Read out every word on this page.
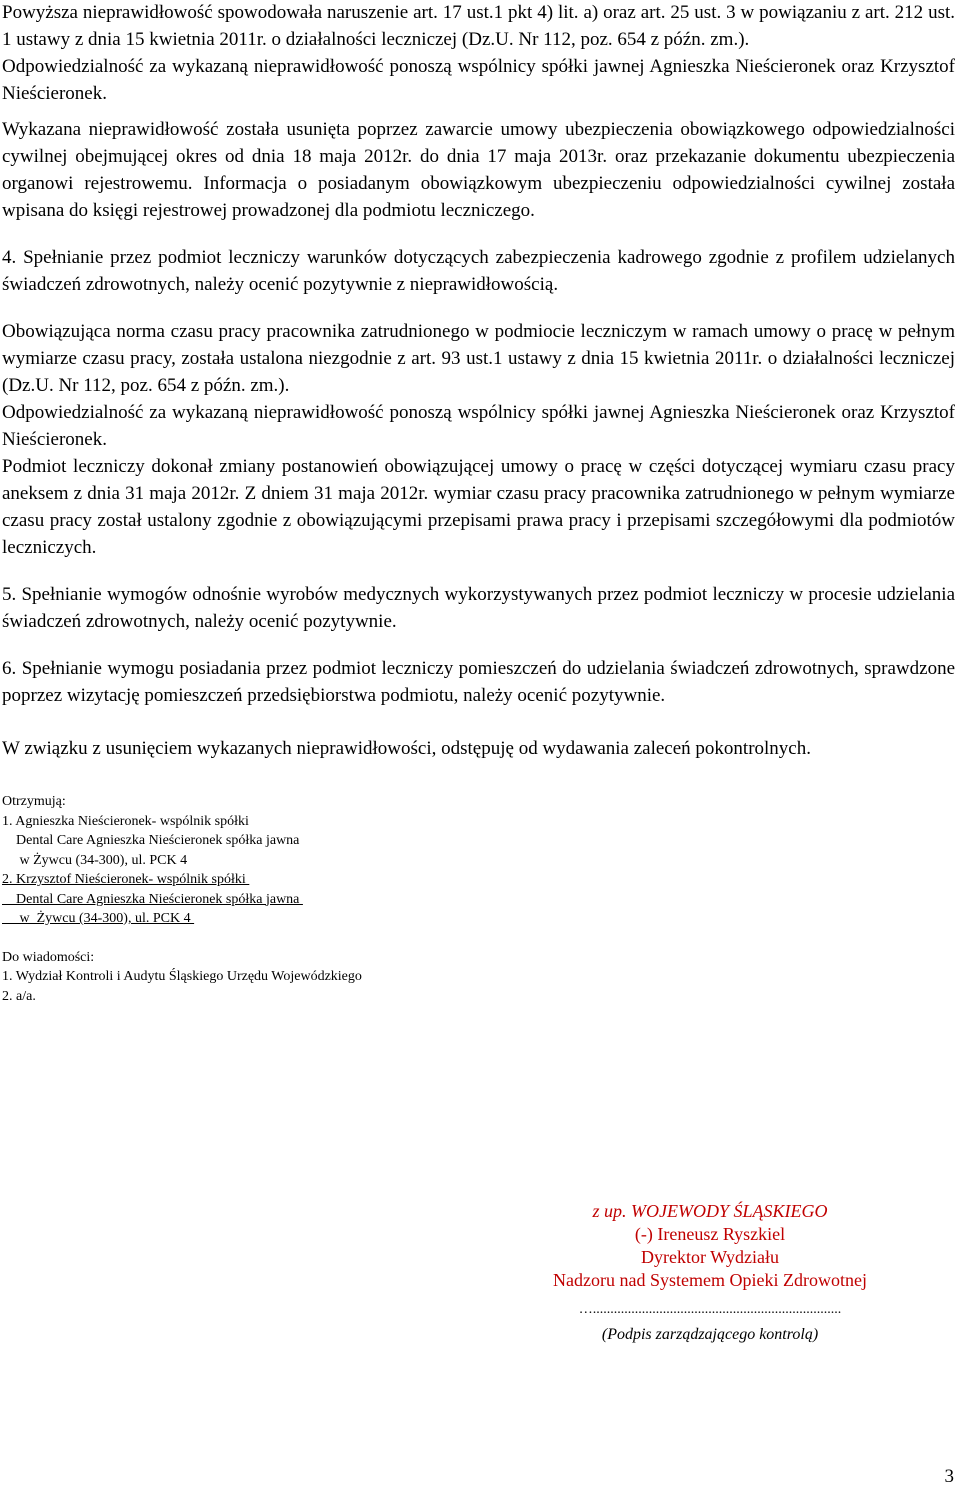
Powyższa nieprawidłowość spowodowała naruszenie art. 17 ust.1 pkt 4) lit. a) oraz art. 25 ust. 3 w powiązaniu z art. 212 ust. 1 ustawy z dnia 15 kwietnia 2011r. o działalności leczniczej (Dz.U. Nr 112, poz. 654 z późn. zm.).

Odpowiedzialność za wykazaną nieprawidłowość ponoszą wspólnicy spółki jawnej Agnieszka Nieścieronek oraz Krzysztof Nieścieronek.

Wykazana nieprawidłowość została usunięta poprzez zawarcie umowy ubezpieczenia obowiązkowego odpowiedzialności cywilnej obejmującej okres od dnia 18 maja 2012r. do dnia 17 maja 2013r. oraz przekazanie dokumentu ubezpieczenia organowi rejestrowemu. Informacja o posiadanym obowiązkowym ubezpieczeniu odpowiedzialności cywilnej została wpisana do księgi rejestrowej prowadzonej dla podmiotu leczniczego.

4. Spełnianie przez podmiot leczniczy warunków dotyczących zabezpieczenia kadrowego zgodnie z profilem udzielanych świadczeń zdrowotnych, należy ocenić pozytywnie z nieprawidłowością.

Obowiązująca norma czasu pracy pracownika zatrudnionego w podmiocie leczniczym w ramach umowy o pracę w pełnym wymiarze czasu pracy, została ustalona niezgodnie z art. 93 ust.1 ustawy z dnia 15 kwietnia 2011r. o działalności leczniczej (Dz.U. Nr 112, poz. 654 z późn. zm.).

Odpowiedzialność za wykazaną nieprawidłowość ponoszą wspólnicy spółki jawnej Agnieszka Nieścieronek oraz Krzysztof Nieścieronek.

Podmiot leczniczy dokonał zmiany postanowień obowiązującej umowy o pracę w części dotyczącej wymiaru czasu pracy aneksem z dnia 31 maja 2012r. Z dniem 31 maja 2012r. wymiar czasu pracy pracownika zatrudnionego w pełnym wymiarze czasu pracy został ustalony zgodnie z obowiązującymi przepisami prawa pracy i przepisami szczegółowymi dla podmiotów leczniczych.

5. Spełnianie wymogów odnośnie wyrobów medycznych wykorzystywanych przez podmiot leczniczy w procesie udzielania świadczeń zdrowotnych, należy ocenić pozytywnie.

6. Spełnianie wymogu posiadania przez podmiot leczniczy pomieszczeń do udzielania świadczeń zdrowotnych, sprawdzone poprzez wizytację pomieszczeń przedsiębiorstwa podmiotu, należy ocenić pozytywnie.

W związku z usunięciem wykazanych nieprawidłowości, odstępuję od wydawania zaleceń pokontrolnych.

Otrzymują:

1. Agnieszka Nieścieronek- wspólnik spółki

Dental Care Agnieszka Nieścieronek spółka jawna

w Żywcu (34-300), ul. PCK 4

2. Krzysztof Nieścieronek- wspólnik spółki

Dental Care Agnieszka Nieścieronek spółka jawna

w  Żywcu (34-300), ul. PCK 4

Do wiadomości:

1. Wydział Kontroli i Audytu Śląskiego Urzędu Wojewódzkiego

2. a/a.

z up. WOJEWODY ŚLĄSKIEGO
(-) Ireneusz Ryszkiel
Dyrektor Wydziału
Nadzoru nad Systemem Opieki Zdrowotnej
….......................................................................
(Podpis zarządzającego kontrolą)
3
